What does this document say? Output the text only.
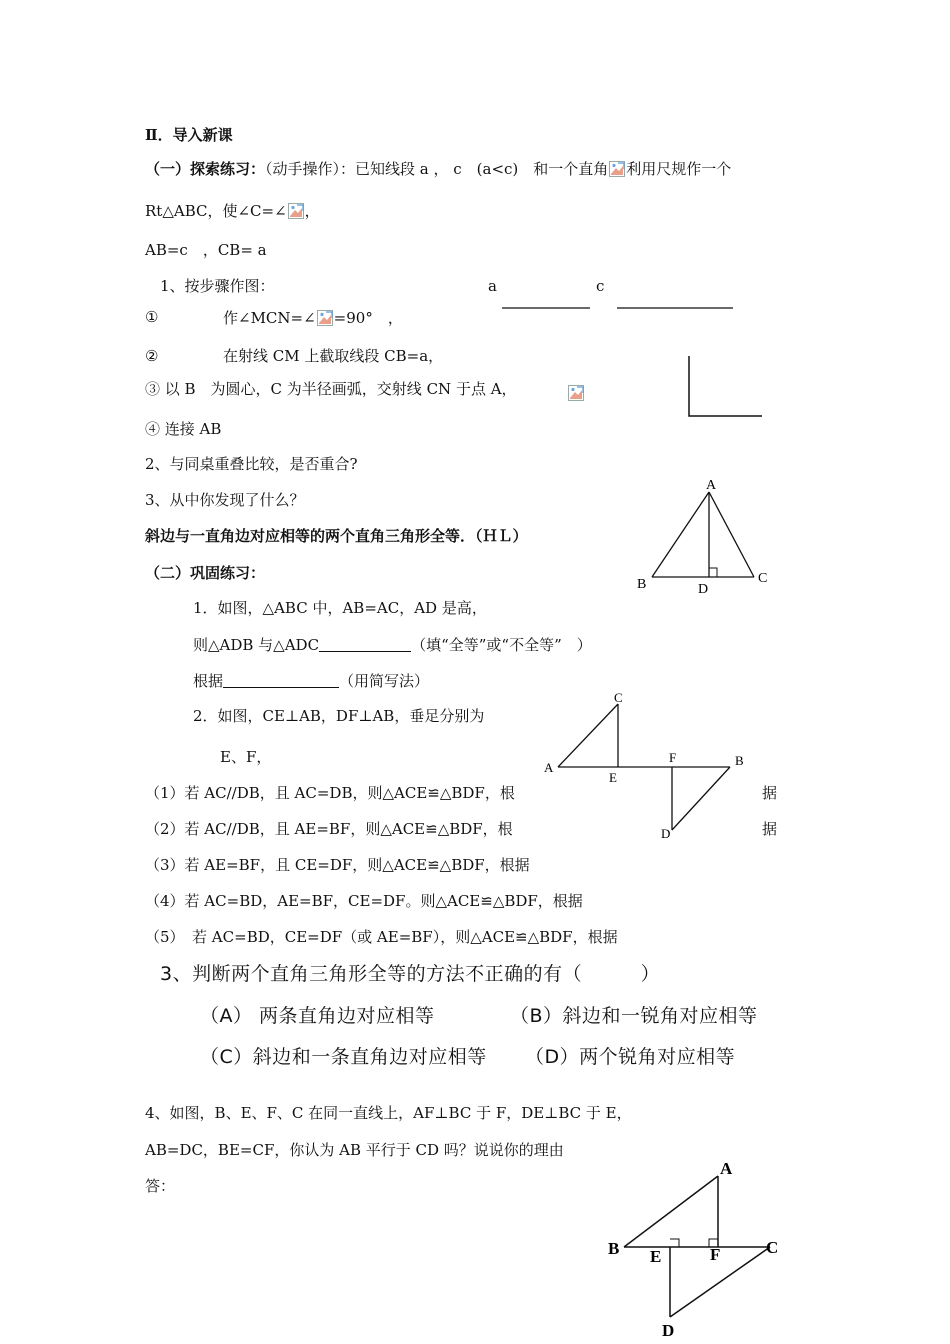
Ⅱ．导入新课
（一）探索练习：（动手操作）：已知线段 a ， c　(a<c)　和一个直角 利用尺规作一个
Rt△ABC，使∠C=∠ ，
AB=c　，CB= a
1、按步骤作图：	a	c
①	作∠MCN=∠ =90°　，
②	在射线 CM 上截取线段 CB=a，
③ 以 B　为圆心，C 为半径画弧，交射线 CN 于点 A，
④ 连接 AB
2、与同桌重叠比较，是否重合?
3、从中你发现了什么？
斜边与一直角边对应相等的两个直角三角形全等．（ＨＬ）
A
B	C
D
（二）巩固练习：
1．如图，△ABC 中，AB=AC，AD 是高，
则△ADB 与△ADC	（填“全等”或“不全等”　）
根据	（用简写法）
2．如图，CE⊥AB，DF⊥AB，垂足分别为
E、F，
C
A
E
F	B
D
（1）若 AC//DB，且 AC=DB，则△ACE≌△BDF，根	据
（2）若 AC//DB，且 AE=BF，则△ACE≌△BDF，根	据
（3）若 AE=BF，且 CE=DF，则△ACE≌△BDF，根据
（4）若 AC=BD，AE=BF，CE=DF。则△ACE≌△BDF，根据
（5）　若 AC=BD，CE=DF（或 AE=BF），则△ACE≌△BDF，根据
3、判断两个直角三角形全等的方法不正确的有（　　　）
（A） 两条直角边对应相等	（B）斜边和一锐角对应相等
（C）斜边和一条直角边对应相等 （D）两个锐角对应相等
4、如图，B、E、F、C 在同一直线上，AF⊥BC 于 F，DE⊥BC 于 E，
AB=DC，BE=CF，你认为 AB 平行于 CD 吗？说说你的理由
答：
A
B E	F	C
D
